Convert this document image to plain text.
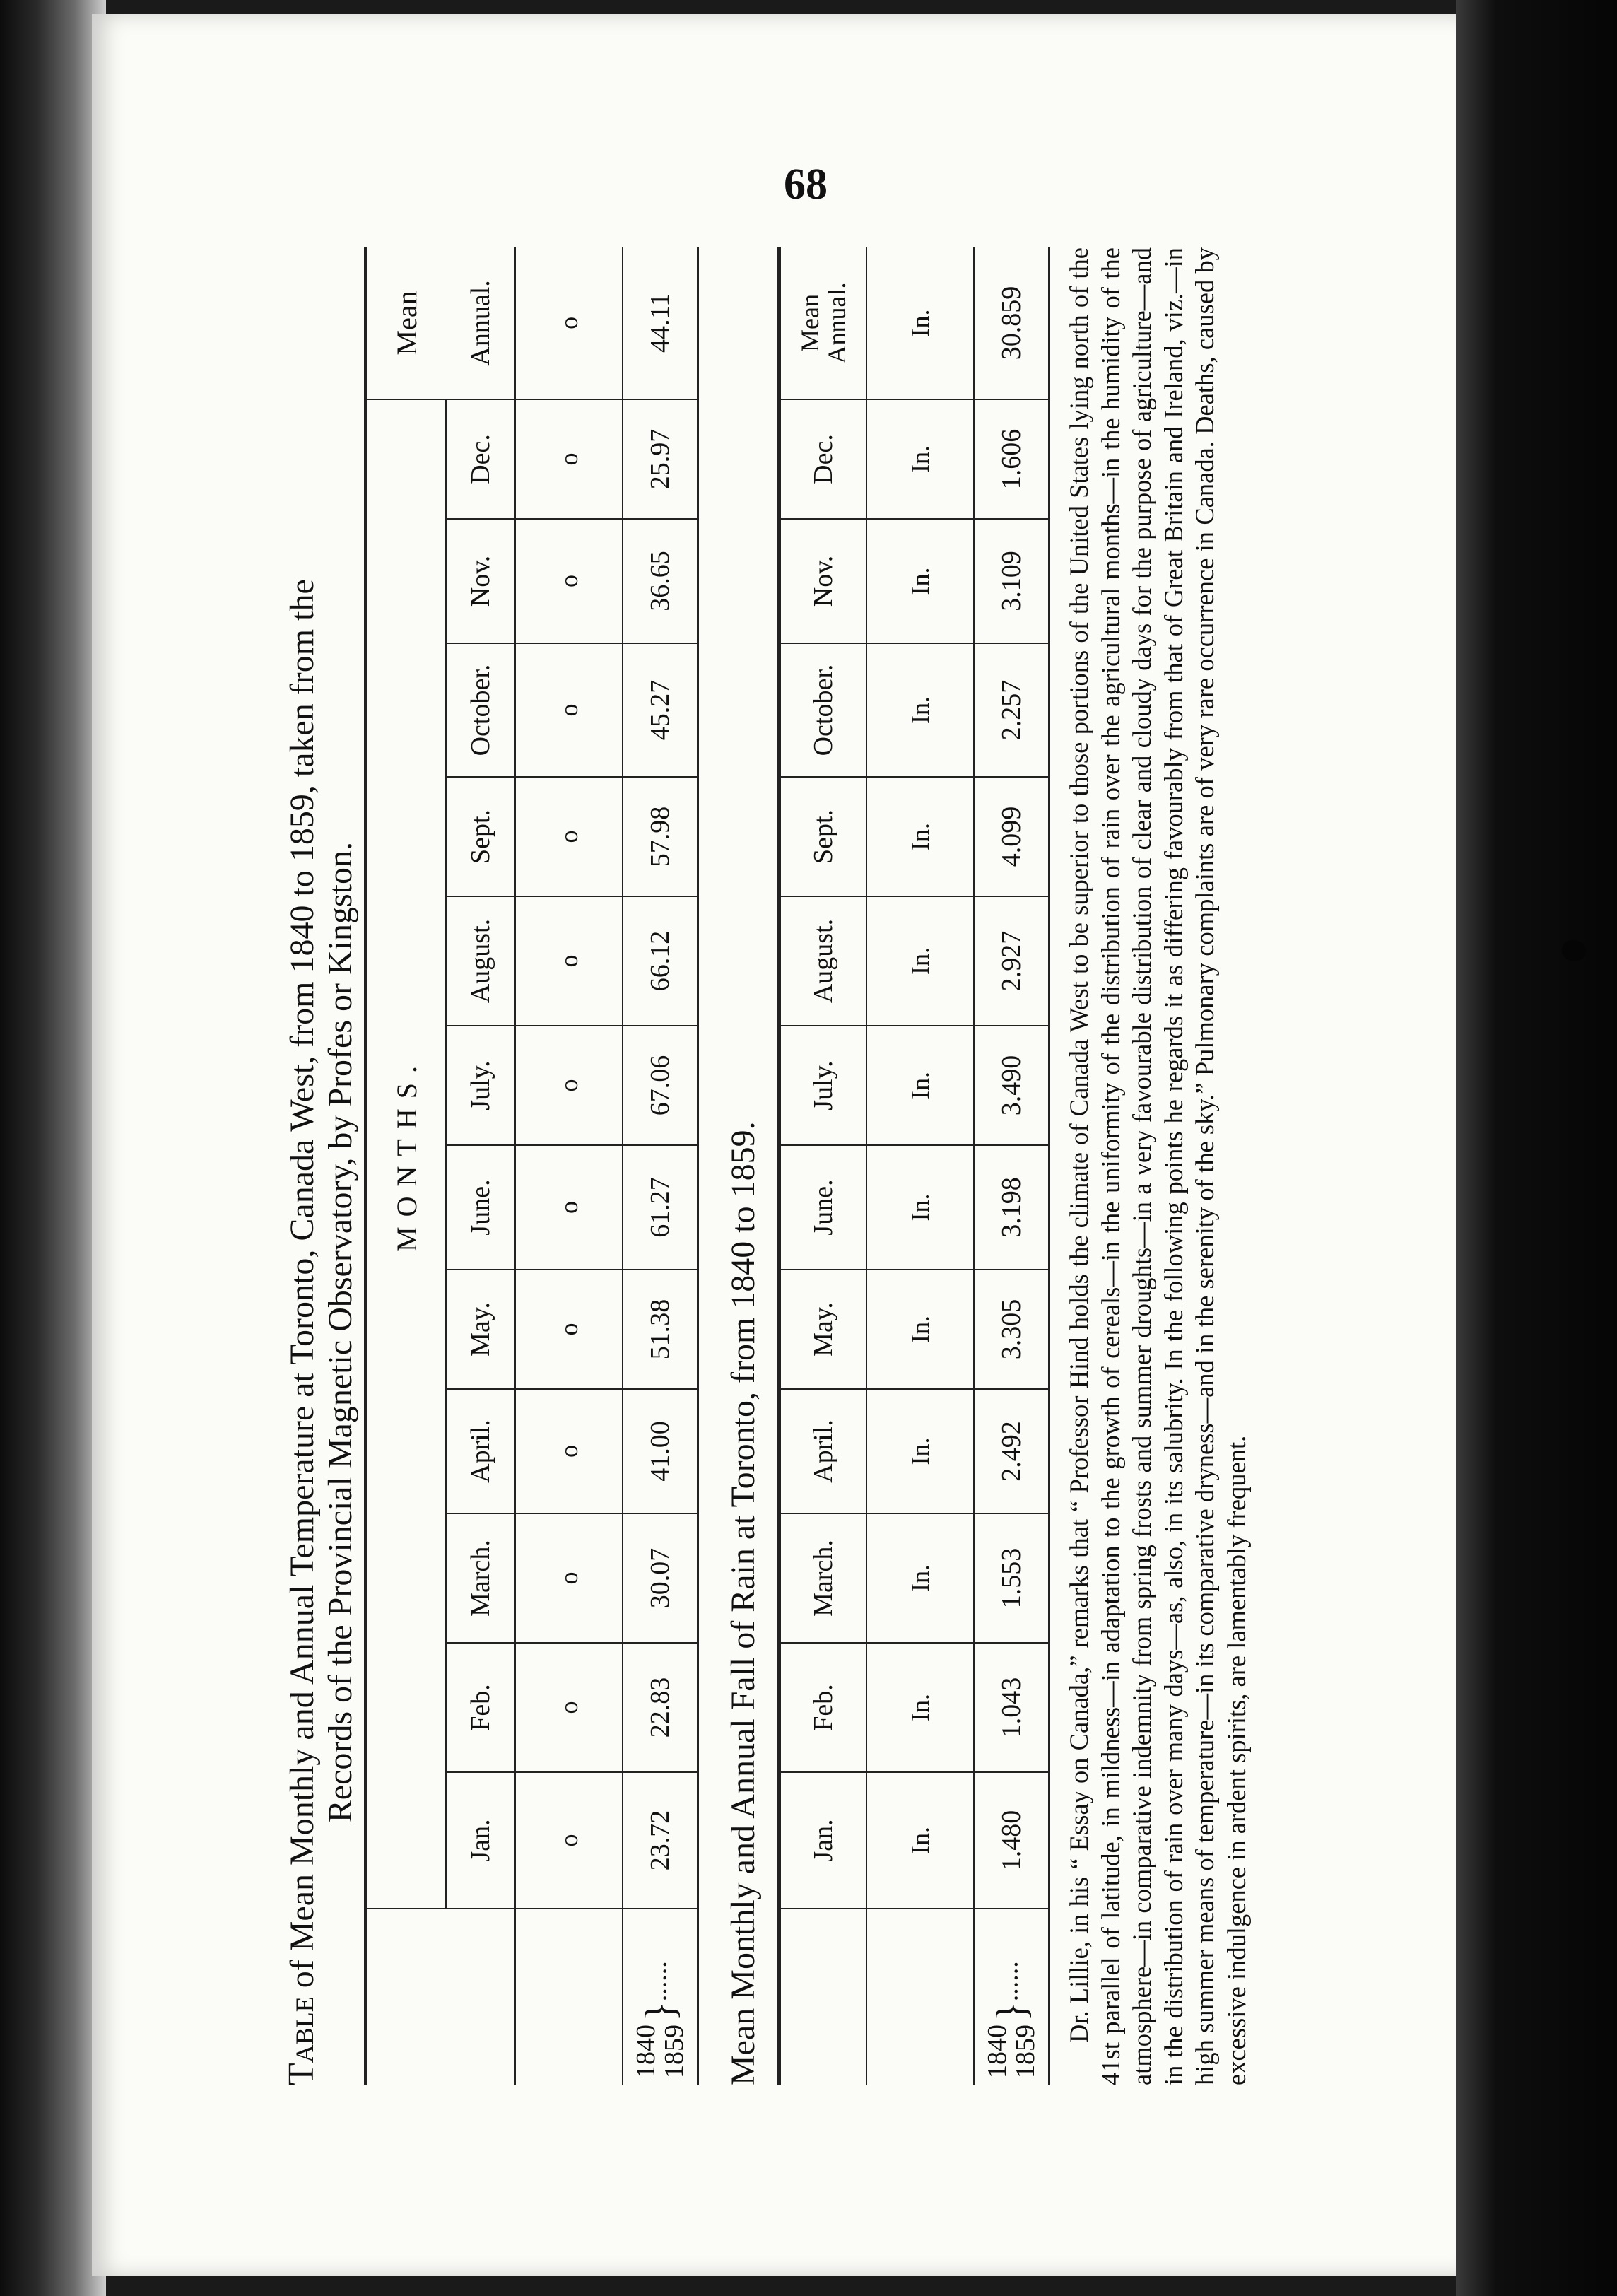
68

Table of Mean Monthly and Annual Temperature at Toronto, Canada West, from 1840 to 1859, taken from the Records of the Provincial Magnetic Observatory, by Profes or Kingston.

	MONTHS.												Mean
	Jan.	Feb.	March.	April.	May.	June.	July.	August.	Sept.	October.	Nov.	Dec.	Annual.
	o	o	o	o	o	o	o	o	o	o	o	o	o

1840
1859
}......	23.72	22.83	30.07	41.00	51.38	61.27	67.06	66.12	57.98	45.27	36.65	25.97	44.11

Mean Monthly and Annual Fall of Rain at Toronto, from 1840 to 1859.

	Jan.	Feb.	March.	April.	May.	June.	July.	August.	Sept.	October.	Nov.	Dec.	Mean
Annual.

	In.	In.	In.	In.	In.	In.	In.	In.	In.	In.	In.	In.	In.

1840
1859
}......	1.480	1.043	1.553	2.492	3.305	3.198	3.490	2.927	4.099	2.257	3.109	1.606	30.859 Dr. Lillie, in his “ Essay on Canada,” remarks that “ Professor Hind holds the climate of Canada West to be superior to those portions of the United States lying north of the 41st parallel of latitude, in mildness—in adaptation to the growth of cereals—in the uniformity of the distribution of rain over the agricultural months—in the humidity of the atmosphere—in comparative indemnity from spring frosts and summer droughts—in a very favourable distribution of clear and cloudy days for the purpose of agriculture—and in the distribution of rain over many days—as, also, in its salubrity. In the following points he regards it as differing favourably from that of Great Britain and Ireland, viz.—in high summer means of temperature—in its comparative dryness—and in the serenity of the sky.” Pulmonary complaints are of very rare occurrence in Canada. Deaths, caused by excessive indulgence in ardent spirits, are lamentably frequent.
